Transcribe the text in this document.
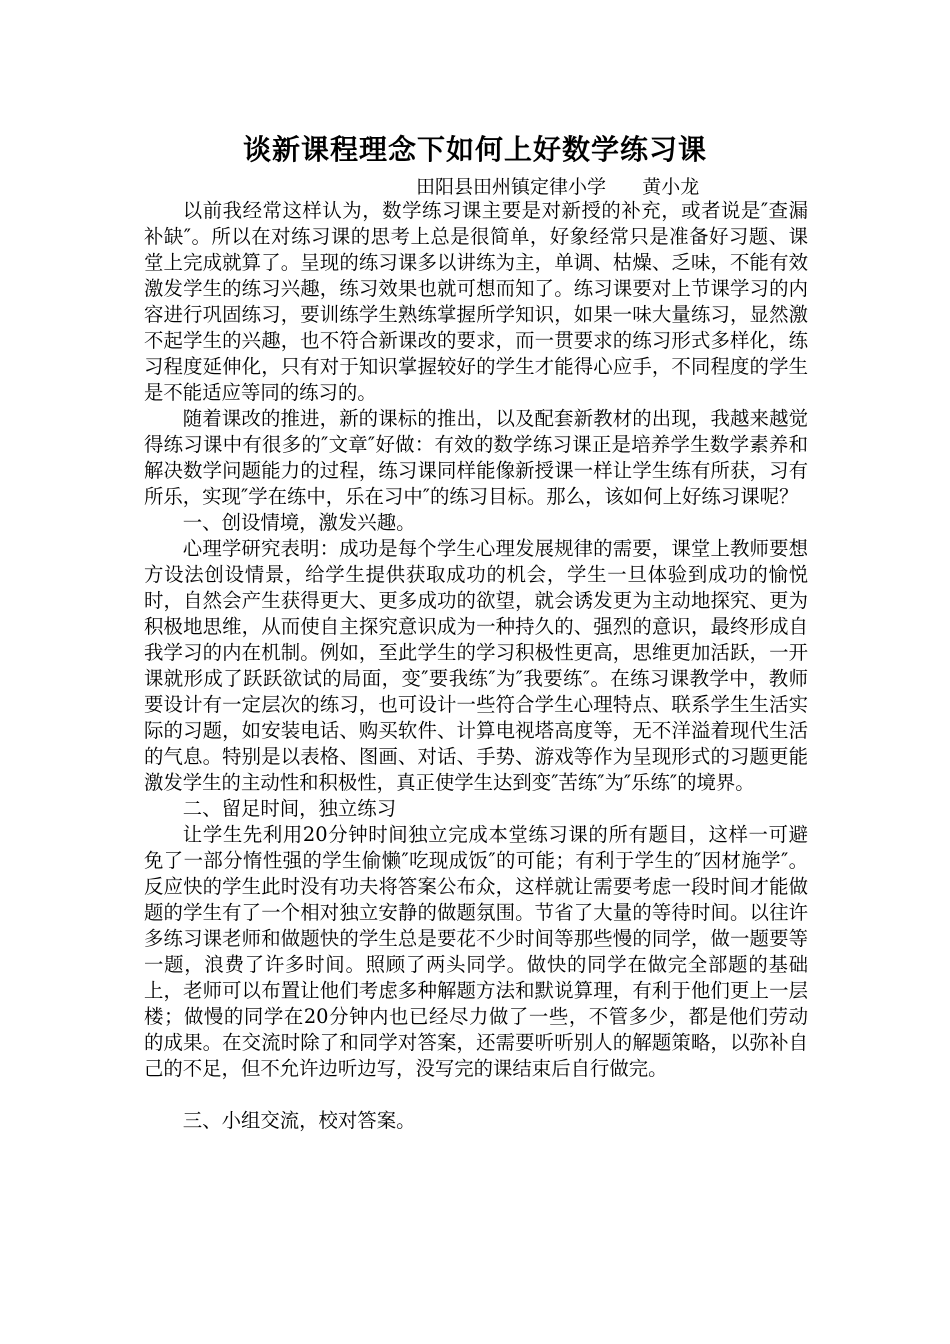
谈新课程理念下如何上好数学练习课
田阳县田州镇定律小学      黄小龙

以前我经常这样认为，数学练习课主要是对新授的补充，或者说是″查漏补缺″。所以在对练习课的思考上总是很简单，好象经常只是准备好习题、课堂上完成就算了。呈现的练习课多以讲练为主，单调、枯燥、乏味，不能有效激发学生的练习兴趣，练习效果也就可想而知了。练习课要对上节课学习的内容进行巩固练习，要训练学生熟练掌握所学知识，如果一味大量练习，显然激不起学生的兴趣，也不符合新课改的要求，而一贯要求的练习形式多样化，练习程度延伸化，只有对于知识掌握较好的学生才能得心应手，不同程度的学生是不能适应等同的练习的。

随着课改的推进，新的课标的推出，以及配套新教材的出现，我越来越觉得练习课中有很多的″文章″好做：有效的数学练习课正是培养学生数学素养和解决数学问题能力的过程，练习课同样能像新授课一样让学生练有所获，习有所乐，实现″学在练中，乐在习中″的练习目标。那么，该如何上好练习课呢？

一、创设情境，激发兴趣。

心理学研究表明：成功是每个学生心理发展规律的需要，课堂上教师要想方设法创设情景，给学生提供获取成功的机会，学生一旦体验到成功的愉悦时，自然会产生获得更大、更多成功的欲望，就会诱发更为主动地探究、更为积极地思维，从而使自主探究意识成为一种持久的、强烈的意识，最终形成自我学习的内在机制。例如，至此学生的学习积极性更高，思维更加活跃，一开课就形成了跃跃欲试的局面，变″要我练″为″我要练″。在练习课教学中，教师要设计有一定层次的练习，也可设计一些符合学生心理特点、联系学生生活实际的习题，如安装电话、购买软件、计算电视塔高度等，无不洋溢着现代生活的气息。特别是以表格、图画、对话、手势、游戏等作为呈现形式的习题更能激发学生的主动性和积极性，真正使学生达到变″苦练″为″乐练″的境界。

二、留足时间，独立练习

让学生先利用20分钟时间独立完成本堂练习课的所有题目，这样一可避免了一部分惰性强的学生偷懒″吃现成饭″的可能；有利于学生的″因材施学″。反应快的学生此时没有功夫将答案公布众，这样就让需要考虑一段时间才能做题的学生有了一个相对独立安静的做题氛围。节省了大量的等待时间。以往许多练习课老师和做题快的学生总是要花不少时间等那些慢的同学，做一题要等一题，浪费了许多时间。照顾了两头同学。做快的同学在做完全部题的基础上，老师可以布置让他们考虑多种解题方法和默说算理，有利于他们更上一层楼；做慢的同学在20分钟内也已经尽力做了一些，不管多少，都是他们劳动的成果。在交流时除了和同学对答案，还需要听听别人的解题策略，以弥补自己的不足，但不允许边听边写，没写完的课结束后自行做完。

三、小组交流，校对答案。
